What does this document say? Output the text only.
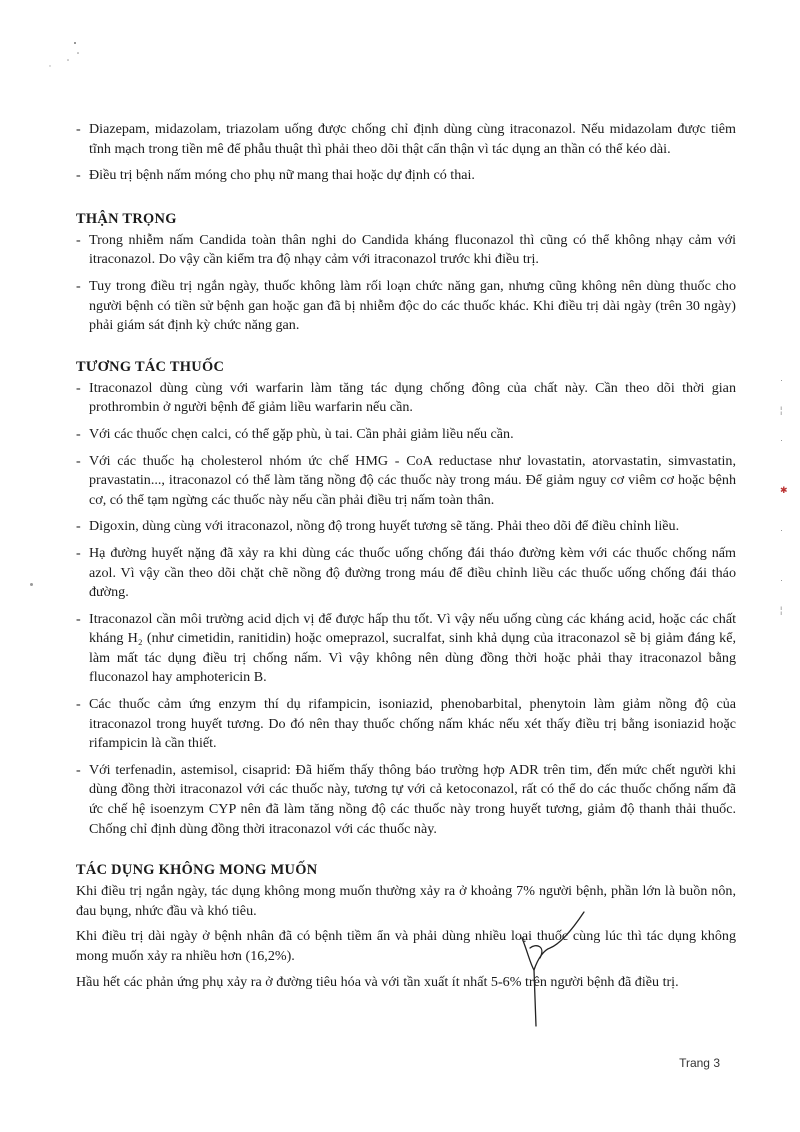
- Diazepam, midazolam, triazolam uống được chống chỉ định dùng cùng itraconazol. Nếu midazolam được tiêm tĩnh mạch trong tiền mê để phẫu thuật thì phải theo dõi thật cẩn thận vì tác dụng an thần có thể kéo dài.
- Điều trị bệnh nấm móng cho phụ nữ mang thai hoặc dự định có thai.
THẬN TRỌNG
- Trong nhiễm nấm Candida toàn thân nghi do Candida kháng fluconazol thì cũng có thể không nhạy cảm với itraconazol. Do vậy cần kiểm tra độ nhạy cảm với itraconazol trước khi điều trị.
- Tuy trong điều trị ngắn ngày, thuốc không làm rối loạn chức năng gan, nhưng cũng không nên dùng thuốc cho người bệnh có tiền sử bệnh gan hoặc gan đã bị nhiễm độc do các thuốc khác. Khi điều trị dài ngày (trên 30 ngày) phải giám sát định kỳ chức năng gan.
TƯƠNG TÁC THUỐC
- Itraconazol dùng cùng với warfarin làm tăng tác dụng chống đông của chất này. Cần theo dõi thời gian prothrombin ở người bệnh để giảm liều warfarin nếu cần.
- Với các thuốc chẹn calci, có thể gặp phù, ù tai. Cần phải giảm liều nếu cần.
- Với các thuốc hạ cholesterol nhóm ức chế HMG - CoA reductase như lovastatin, atorvastatin, simvastatin, pravastatin..., itraconazol có thể làm tăng nồng độ các thuốc này trong máu. Để giảm nguy cơ viêm cơ hoặc bệnh cơ, có thể tạm ngừng các thuốc này nếu cần phải điều trị nấm toàn thân.
- Digoxin, dùng cùng với itraconazol, nồng độ trong huyết tương sẽ tăng. Phải theo dõi để điều chỉnh liều.
- Hạ đường huyết nặng đã xảy ra khi dùng các thuốc uống chống đái tháo đường kèm với các thuốc chống nấm azol. Vì vậy cần theo dõi chặt chẽ nồng độ đường trong máu để điều chỉnh liều các thuốc uống chống đái tháo đường.
- Itraconazol cần môi trường acid dịch vị để được hấp thu tốt. Vì vậy nếu uống cùng các kháng acid, hoặc các chất kháng H₂ (như cimetidin, ranitidin) hoặc omeprazol, sucralfat, sinh khả dụng của itraconazol sẽ bị giảm đáng kể, làm mất tác dụng điều trị chống nấm. Vì vậy không nên dùng đồng thời hoặc phải thay itraconazol bằng fluconazol hay amphotericin B.
- Các thuốc cảm ứng enzym thí dụ rifampicin, isoniazid, phenobarbital, phenytoin làm giảm nồng độ của itraconazol trong huyết tương. Do đó nên thay thuốc chống nấm khác nếu xét thấy điều trị bằng isoniazid hoặc rifampicin là cần thiết.
- Với terfenadin, astemisol, cisaprid: Đã hiếm thấy thông báo trường hợp ADR trên tim, đến mức chết người khi dùng đồng thời itraconazol với các thuốc này, tương tự với cả ketoconazol, rất có thể do các thuốc chống nấm đã ức chế hệ isoenzym CYP nên đã làm tăng nồng độ các thuốc này trong huyết tương, giảm độ thanh thải thuốc. Chống chỉ định dùng đồng thời itraconazol với các thuốc này.
TÁC DỤNG KHÔNG MONG MUỐN

Khi điều trị ngắn ngày, tác dụng không mong muốn thường xảy ra ở khoảng 7% người bệnh, phần lớn là buồn nôn, đau bụng, nhức đầu và khó tiêu.

Khi điều trị dài ngày ở bệnh nhân đã có bệnh tiềm ẩn và phải dùng nhiều loại thuốc cùng lúc thì tác dụng không mong muốn xảy ra nhiều hơn (16,2%).

Hầu hết các phản ứng phụ xảy ra ở đường tiêu hóa và với tần xuất ít nhất 5-6% trên người bệnh đã điều trị.

·
¦
·
✱
·
·
¦
Trang 3
